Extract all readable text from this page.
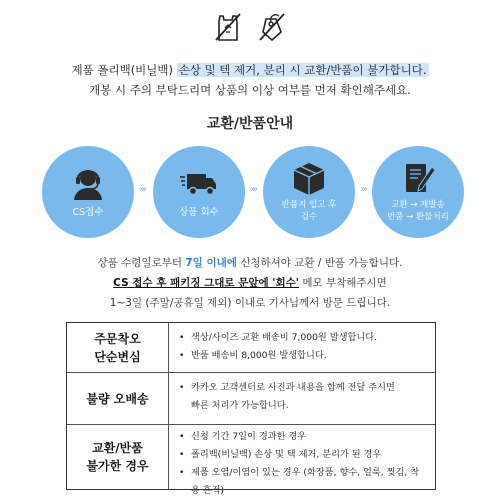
제품 폴리백(비닐백) 손상 및 텍 제거, 분리 시 교환/반품이 불가합니다.
개봉 시 주의 부탁드리며 상품의 이상 여부를 먼저 확인해주세요.
교환/반품안내
CS접수
›››
상품 회수
›››
반품지 입고 후
검수
›››
교환 → 재발송
반품 → 환불처리
상품 수령일로부터 7일 이내에 신청하셔야 교환 / 반품 가능합니다.
CS 접수 후 패키징 그대로 문앞에 '회수' 메모 부착해주시면
1~3일 (주말/공휴일 제외) 이내로 기사님께서 방문 드립니다.
주문착오
단순변심
• 색상/사이즈 교환 배송비 7,000원 발생합니다.
• 반품 배송비 8,000원 발생합니다.
불량 오배송
• 카카오 고객센터로 사진과 내용을 함께 전달 주시면
빠른 처리가 가능합니다.
교환/반품
불가한 경우
• 신청 기간 7일이 경과한 경우
• 폴리백(비닐백) 손상 및 택 제거, 분리가 된 경우
• 제품 오염/이염이 있는 경우 (화장품, 향수, 얼룩, 찢김, 착용 흔적)
